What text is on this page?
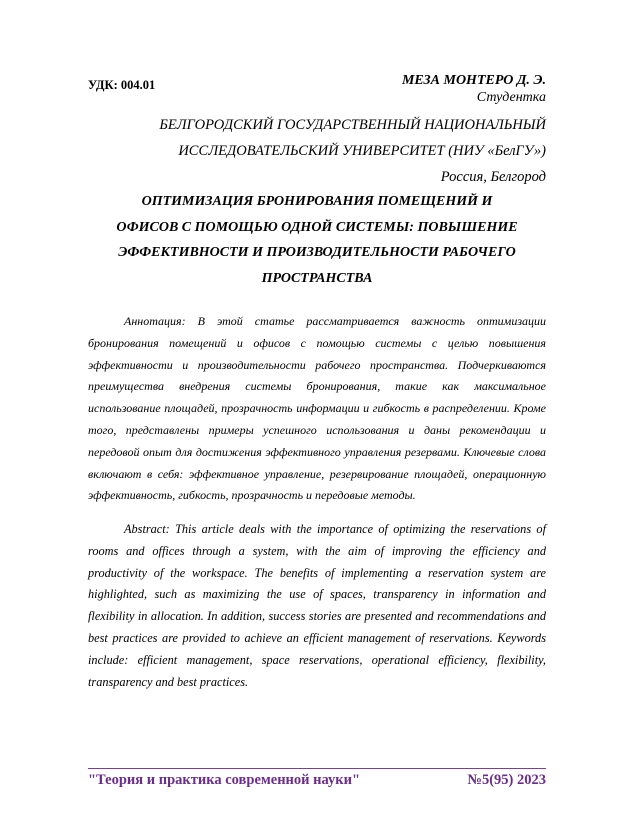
УДК: 004.01	МЕЗА МОНТЕРО Д. Э.
Студентка
БЕЛГОРОДСКИЙ ГОСУДАРСТВЕННЫЙ НАЦИОНАЛЬНЫЙ
ИССЛЕДОВАТЕЛЬСКИЙ УНИВЕРСИТЕТ (НИУ «БелГУ»)
Россия, Белгород
ОПТИМИЗАЦИЯ БРОНИРОВАНИЯ ПОМЕЩЕНИЙ И
ОФИСОВ С ПОМОЩЬЮ ОДНОЙ СИСТЕМЫ: ПОВЫШЕНИЕ
ЭФФЕКТИВНОСТИ И ПРОИЗВОДИТЕЛЬНОСТИ РАБОЧЕГО
ПРОСТРАНСТВА

Аннотация: В этой статье рассматривается важность оптимизации бронирования помещений и офисов с помощью системы с целью повышения эффективности и производительности рабочего пространства. Подчеркиваются преимущества внедрения системы бронирования, такие как максимальное использование площадей, прозрачность информации и гибкость в распределении. Кроме того, представлены примеры успешного использования и даны рекомендации и передовой опыт для достижения эффективного управления резервами. Ключевые слова включают в себя: эффективное управление, резервирование площадей, операционную эффективность, гибкость, прозрачность и передовые методы.

Abstract: This article deals with the importance of optimizing the reservations of rooms and offices through a system, with the aim of improving the efficiency and productivity of the workspace. The benefits of implementing a reservation system are highlighted, such as maximizing the use of spaces, transparency in information and flexibility in allocation. In addition, success stories are presented and recommendations and best practices are provided to achieve an efficient management of reservations. Keywords include: efficient management, space reservations, operational efficiency, flexibility, transparency and best practices.

"Теория и практика современной науки"	№5(95) 2023
